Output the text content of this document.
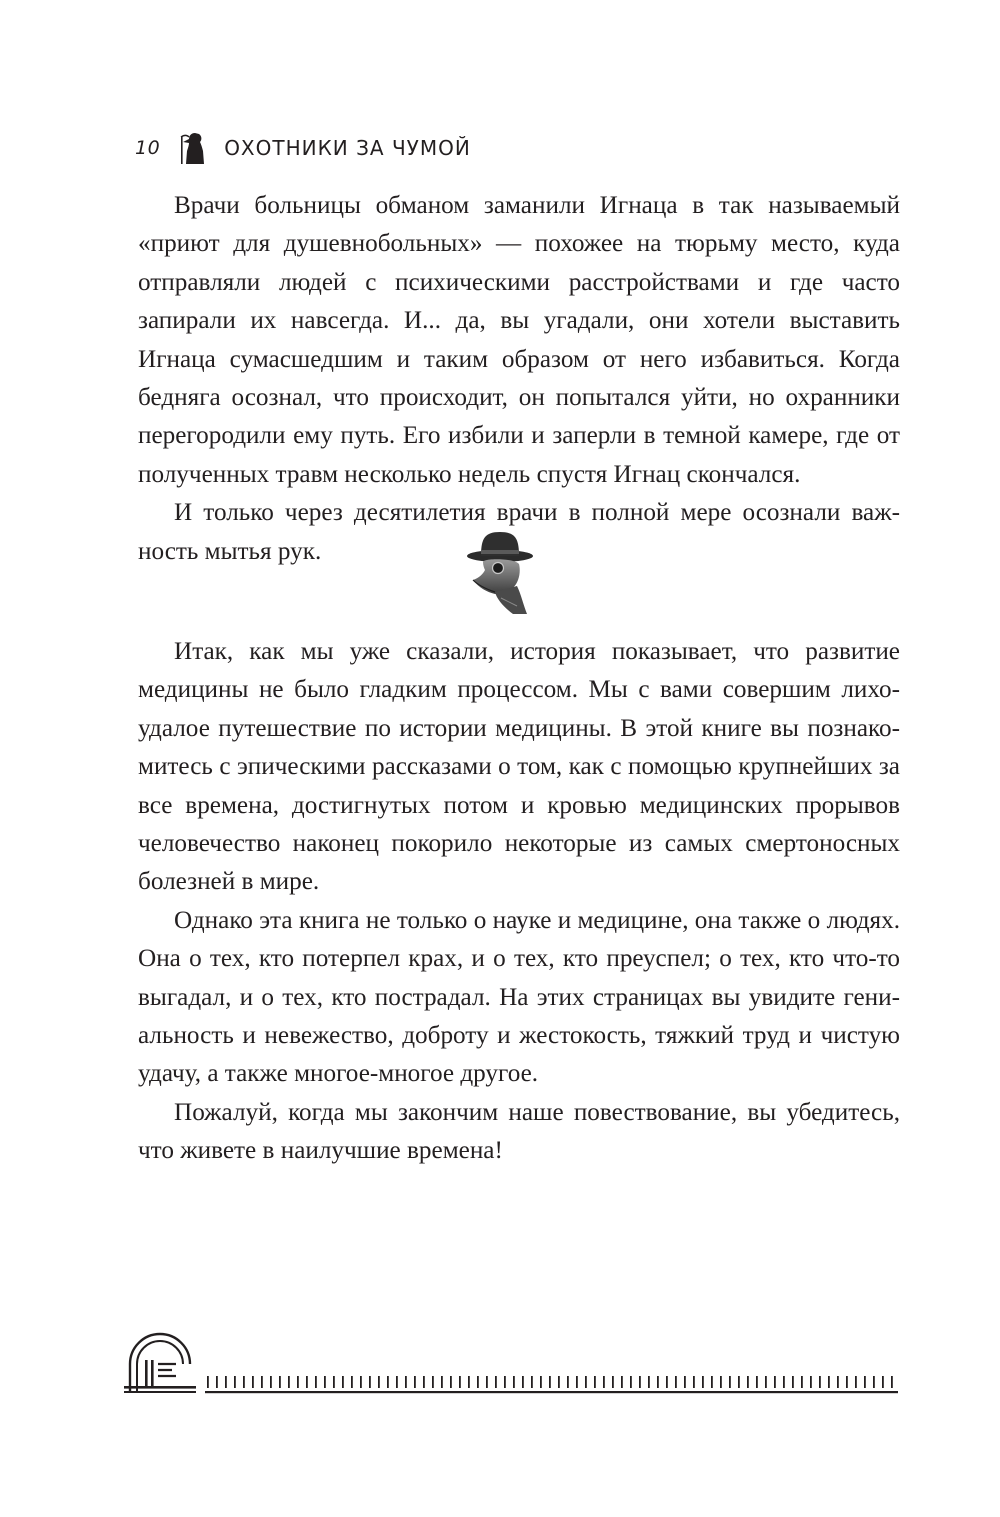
10	ОХОТНИКИ ЗА ЧУМОЙ

Врачи больницы обманом заманили Игнаца в так называемый «приют для душевнобольных» — похожее на тюрьму место, куда отправляли людей с психическими расстройствами и где часто запирали их навсегда. И... да, вы угадали, они хотели выставить Игнаца сумасшедшим и таким образом от него избавиться. Когда бедняга осознал, что происходит, он попытался уйти, но охранники перегородили ему путь. Его избили и заперли в темной камере, где от полученных травм несколько недель спустя Игнац скончался.

И только через десятилетия врачи в полной мере осознали важность мытья рук.

Итак, как мы уже сказали, история показывает, что развитие медицины не было гладким процессом. Мы с вами совершим лихоудалое путешествие по истории медицины. В этой книге вы познакомитесь с эпическими рассказами о том, как с помощью крупнейших за все времена, достигнутых потом и кровью медицинских прорывов человечество наконец покорило некоторые из самых смертоносных болезней в мире.

Однако эта книга не только о науке и медицине, она также о людях. Она о тех, кто потерпел крах, и о тех, кто преуспел; о тех, кто что-то выгадал, и о тех, кто пострадал. На этих страницах вы увидите гениальность и невежество, доброту и жестокость, тяжкий труд и чистую удачу, а также многое-многое другое.

Пожалуй, когда мы закончим наше повествование, вы убедитесь, что живете в наилучшие времена!
